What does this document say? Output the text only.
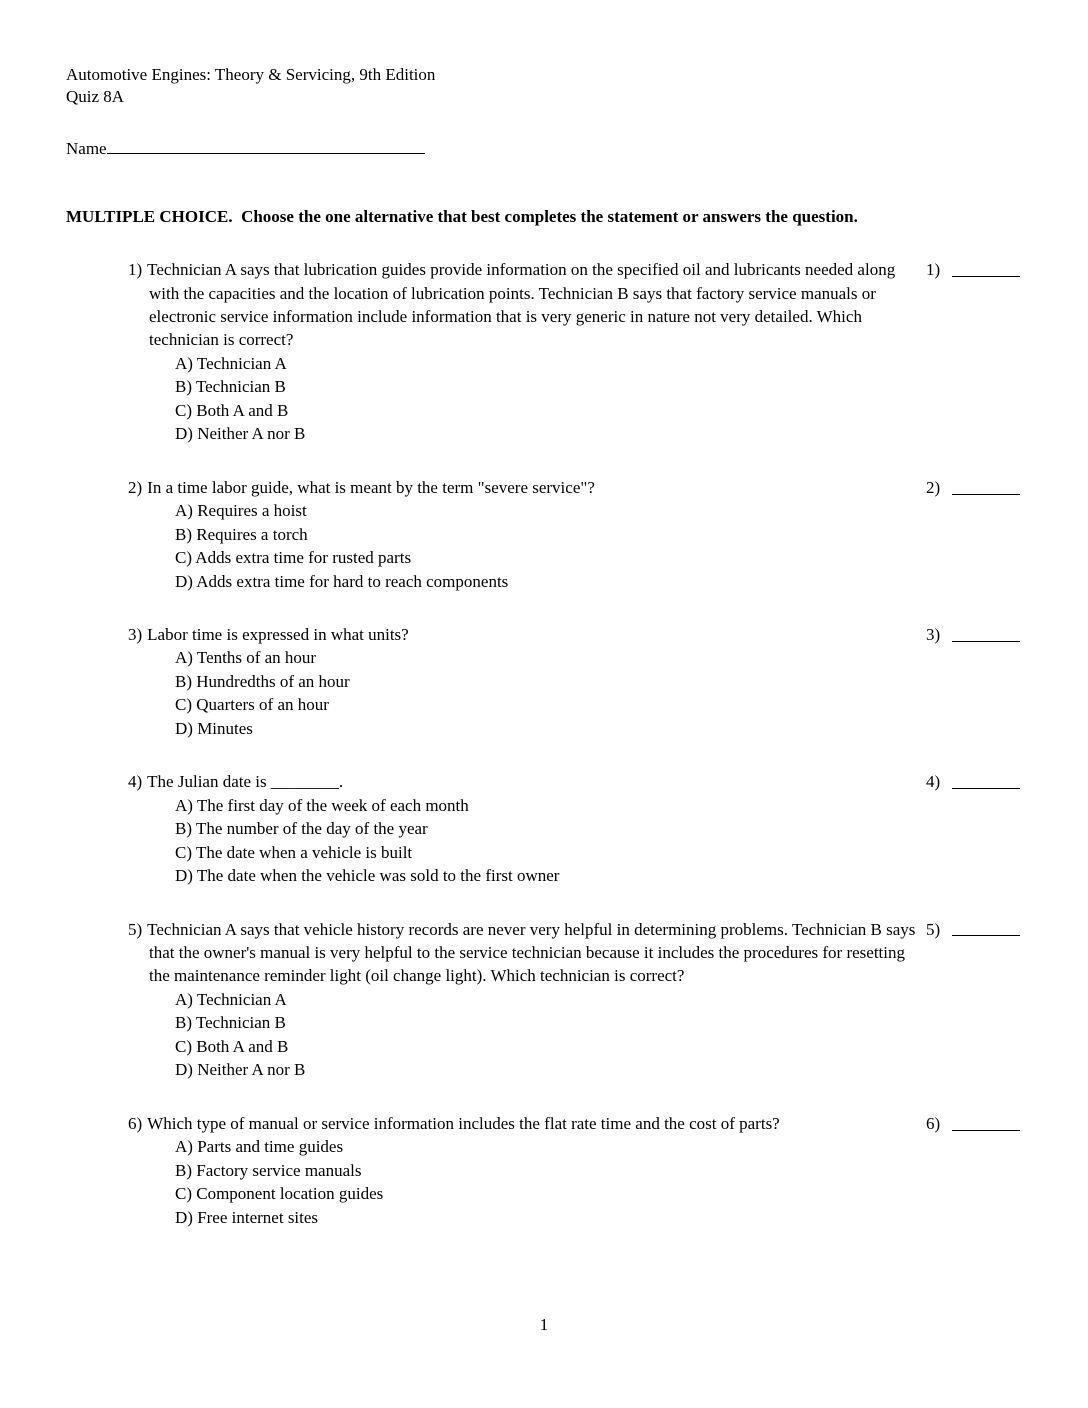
Automotive Engines: Theory & Servicing, 9th Edition
Quiz 8A
Name
MULTIPLE CHOICE.  Choose the one alternative that best completes the statement or answers the question.
1) Technician A says that lubrication guides provide information on the specified oil and lubricants needed along with the capacities and the location of lubrication points. Technician B says that factory service manuals or electronic service information include information that is very generic in nature not very detailed. Which technician is correct?
A) Technician A
B) Technician B
C) Both A and B
D) Neither A nor B
1)
2) In a time labor guide, what is meant by the term "severe service"?
A) Requires a hoist
B) Requires a torch
C) Adds extra time for rusted parts
D) Adds extra time for hard to reach components
2)
3) Labor time is expressed in what units?
A) Tenths of an hour
B) Hundredths of an hour
C) Quarters of an hour
D) Minutes
3)
4) The Julian date is ________.
A) The first day of the week of each month
B) The number of the day of the year
C) The date when a vehicle is built
D) The date when the vehicle was sold to the first owner
4)
5) Technician A says that vehicle history records are never very helpful in determining problems. Technician B says that the owner's manual is very helpful to the service technician because it includes the procedures for resetting the maintenance reminder light (oil change light). Which technician is correct?
A) Technician A
B) Technician B
C) Both A and B
D) Neither A nor B
5)
6) Which type of manual or service information includes the flat rate time and the cost of parts?
A) Parts and time guides
B) Factory service manuals
C) Component location guides
D) Free internet sites
6)
1
